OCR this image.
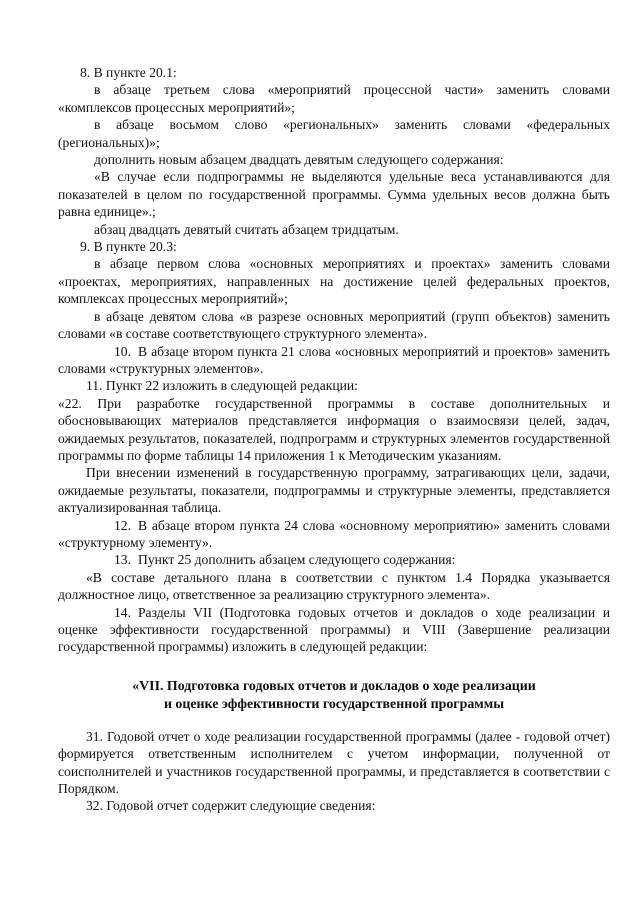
8. В пункте 20.1:

в абзаце третьем слова «мероприятий процессной части» заменить словами «комплексов процессных мероприятий»;

в абзаце восьмом слово «региональных» заменить словами «федеральных (региональных)»;

дополнить новым абзацем двадцать девятым следующего содержания:

«В случае если подпрограммы не выделяются удельные веса устанавливаются для показателей в целом по государственной программы. Сумма удельных весов должна быть равна единице».;

абзац двадцать девятый считать абзацем тридцатым.

9. В пункте 20.3:

в абзаце первом слова «основных мероприятиях и проектах» заменить словами «проектах, мероприятиях, направленных на достижение целей федеральных проектов, комплексах процессных мероприятий»;

в абзаце девятом слова «в разрезе основных мероприятий (групп объектов) заменить словами «в составе соответствующего структурного элемента».

10. В абзаце втором пункта 21 слова «основных мероприятий и проектов» заменить словами «структурных элементов».

11. Пункт 22 изложить в следующей редакции:

«22. При разработке государственной программы в составе дополнительных и обосновывающих материалов представляется информация о взаимосвязи целей, задач, ожидаемых результатов, показателей, подпрограмм и структурных элементов государственной программы по форме таблицы 14 приложения 1 к Методическим указаниям.

При внесении изменений в государственную программу, затрагивающих цели, задачи, ожидаемые результаты, показатели, подпрограммы и структурные элементы, представляется актуализированная таблица.

12. В абзаце втором пункта 24 слова «основному мероприятию» заменить словами «структурному элементу».

13. Пункт 25 дополнить абзацем следующего содержания:

«В составе детального плана в соответствии с пунктом 1.4 Порядка указывается должностное лицо, ответственное за реализацию структурного элемента».

14. Разделы VII (Подготовка годовых отчетов и докладов о ходе реализации и оценке эффективности государственной программы) и VIII (Завершение реализации государственной программы) изложить в следующей редакции:

«VII. Подготовка годовых отчетов и докладов о ходе реализации
и оценке эффективности государственной программы

31. Годовой отчет о ходе реализации государственной программы (далее - годовой отчет) формируется ответственным исполнителем с учетом информации, полученной от соисполнителей и участников государственной программы, и представляется в соответствии с Порядком.

32. Годовой отчет содержит следующие сведения:
